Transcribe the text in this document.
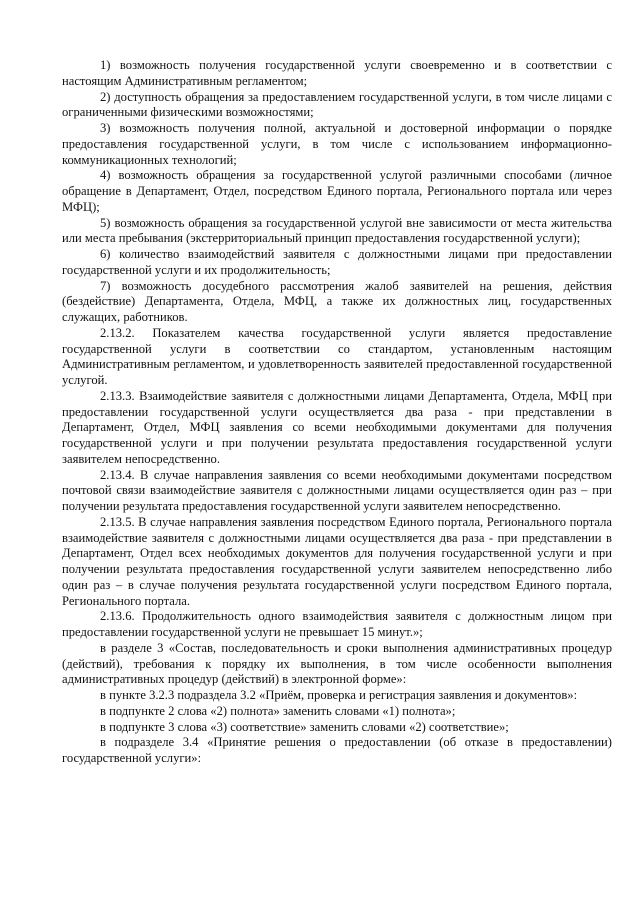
1) возможность получения государственной услуги своевременно и в соответствии с настоящим Административным регламентом;

2) доступность обращения за предоставлением государственной услуги, в том числе лицами с ограниченными физическими возможностями;

3) возможность получения полной, актуальной и достоверной информации о порядке предоставления государственной услуги, в том числе с использованием информационно-коммуникационных технологий;

4) возможность обращения за государственной услугой различными способами (личное обращение в Департамент, Отдел, посредством Единого портала, Регионального портала или через МФЦ);

5) возможность обращения за государственной услугой вне зависимости от места жительства или места пребывания (экстерриториальный принцип предоставления государственной услуги);

6) количество взаимодействий заявителя с должностными лицами при предоставлении государственной услуги и их продолжительность;

7) возможность досудебного рассмотрения жалоб заявителей на решения, действия (бездействие) Департамента, Отдела, МФЦ, а также их должностных лиц, государственных служащих, работников.

2.13.2. Показателем качества государственной услуги является предоставление государственной услуги в соответствии со стандартом, установленным настоящим Административным регламентом, и удовлетворенность заявителей предоставленной государственной услугой.

2.13.3. Взаимодействие заявителя с должностными лицами Департамента, Отдела, МФЦ при предоставлении государственной услуги осуществляется два раза - при представлении в Департамент, Отдел, МФЦ заявления со всеми необходимыми документами для получения государственной услуги и при получении результата предоставления государственной услуги заявителем непосредственно.

2.13.4. В случае направления заявления со всеми необходимыми документами посредством почтовой связи взаимодействие заявителя с должностными лицами осуществляется один раз – при получении результата предоставления государственной услуги заявителем непосредственно.

2.13.5. В случае направления заявления посредством Единого портала, Регионального портала взаимодействие заявителя с должностными лицами осуществляется два раза - при представлении в Департамент, Отдел всех необходимых документов для получения государственной услуги и при получении результата предоставления государственной услуги заявителем непосредственно либо один раз – в случае получения результата государственной услуги посредством Единого портала, Регионального портала.

2.13.6. Продолжительность одного взаимодействия заявителя с должностным лицом при предоставлении государственной услуги не превышает 15 минут.»;

в разделе 3 «Состав, последовательность и сроки выполнения административных процедур (действий), требования к порядку их выполнения, в том числе особенности выполнения административных процедур (действий) в электронной форме»:

в пункте 3.2.3 подраздела 3.2 «Приём, проверка и регистрация заявления и документов»:

в подпункте 2 слова «2) полнота» заменить словами «1) полнота»;

в подпункте 3 слова «3) соответствие» заменить словами «2) соответствие»;

в подразделе 3.4 «Принятие решения о предоставлении (об отказе в предоставлении) государственной услуги»:
